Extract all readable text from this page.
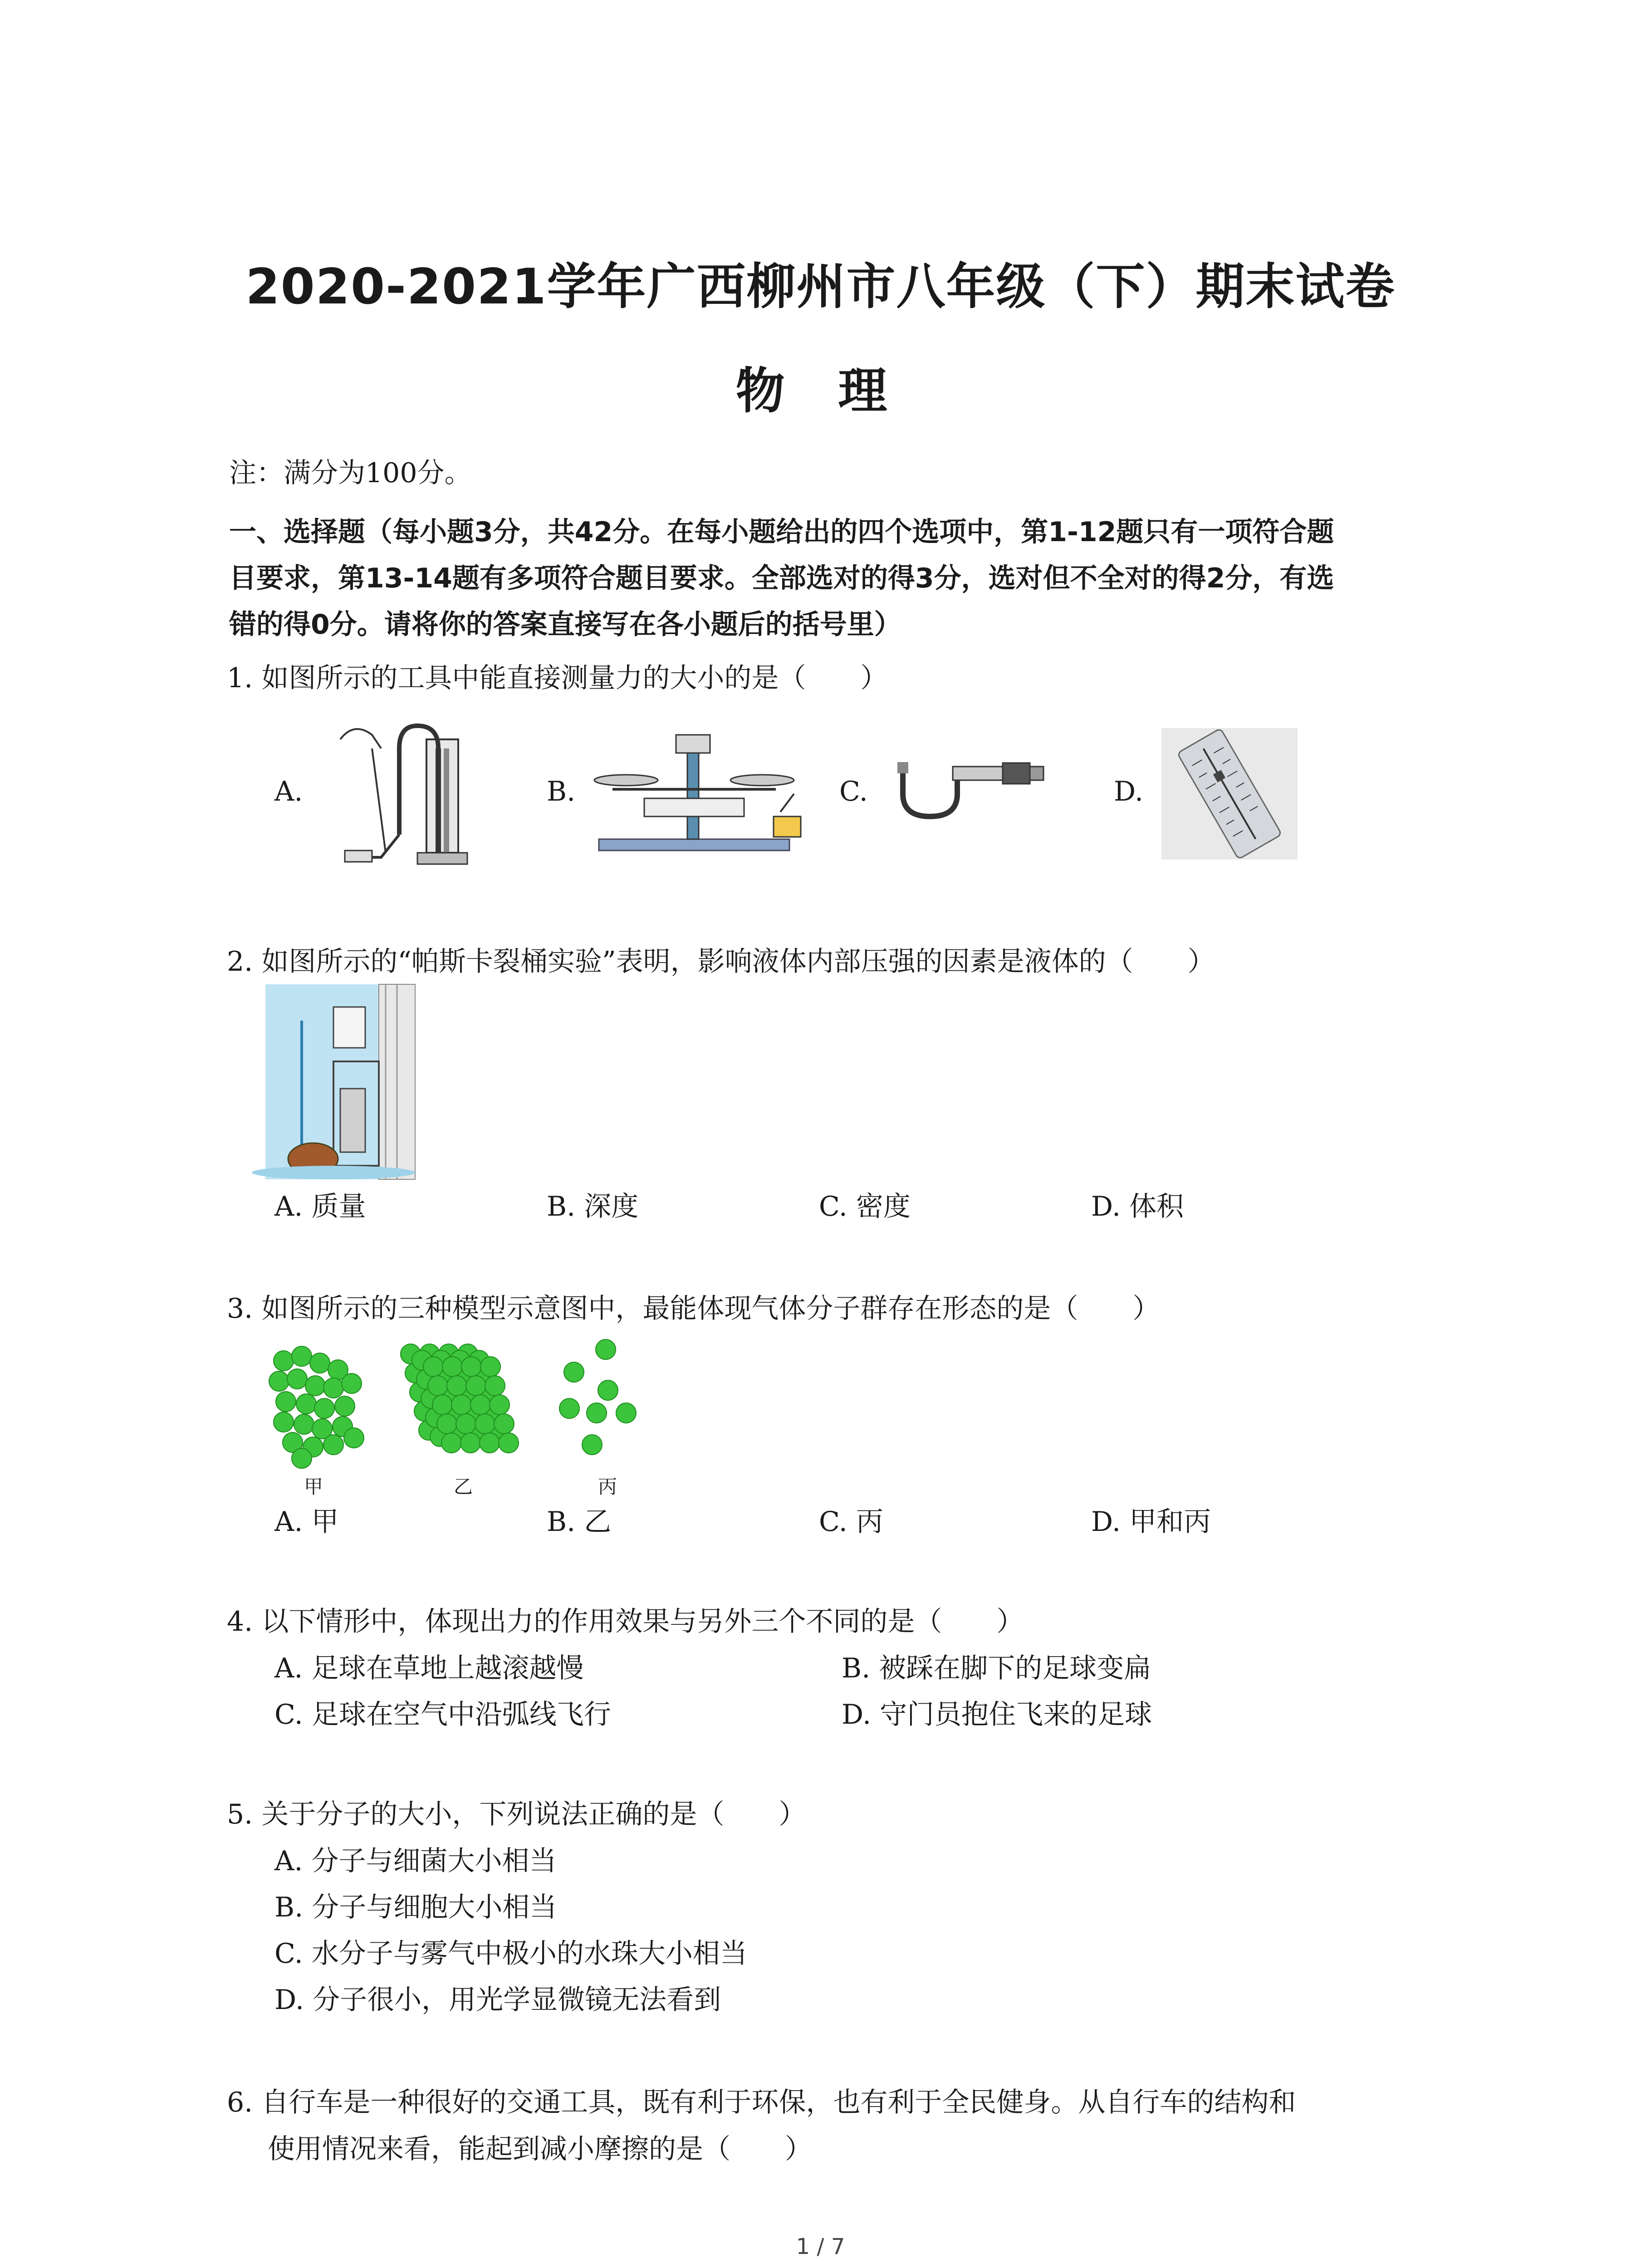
2020-2021学年广西柳州市八年级（下）期末试卷
物 理
注：满分为100分。
一、选择题（每小题3分，共42分。在每小题给出的四个选项中，第1-12题只有一项符合题
目要求，第13-14题有多项符合题目要求。全部选对的得3分，选对但不全对的得2分，有选
错的得0分。请将你的答案直接写在各小题后的括号里）
1. 如图所示的工具中能直接测量力的大小的是（　　）
A.	B.	C.	D.
2. 如图所示的“帕斯卡裂桶实验”表明，影响液体内部压强的因素是液体的（　　）
A. 质量	B. 深度	C. 密度	D. 体积
3. 如图所示的三种模型示意图中，最能体现气体分子群存在形态的是（　　）
甲	乙	丙
A. 甲	B. 乙	C. 丙	D. 甲和丙
4. 以下情形中，体现出力的作用效果与另外三个不同的是（　　）
A. 足球在草地上越滚越慢	B. 被踩在脚下的足球变扁
C. 足球在空气中沿弧线飞行	D. 守门员抱住飞来的足球
5. 关于分子的大小，下列说法正确的是（　　）
A. 分子与细菌大小相当
B. 分子与细胞大小相当
C. 水分子与雾气中极小的水珠大小相当
D. 分子很小，用光学显微镜无法看到
6. 自行车是一种很好的交通工具，既有利于环保，也有利于全民健身。从自行车的结构和
使用情况来看，能起到减小摩擦的是（　　）
1 / 7
